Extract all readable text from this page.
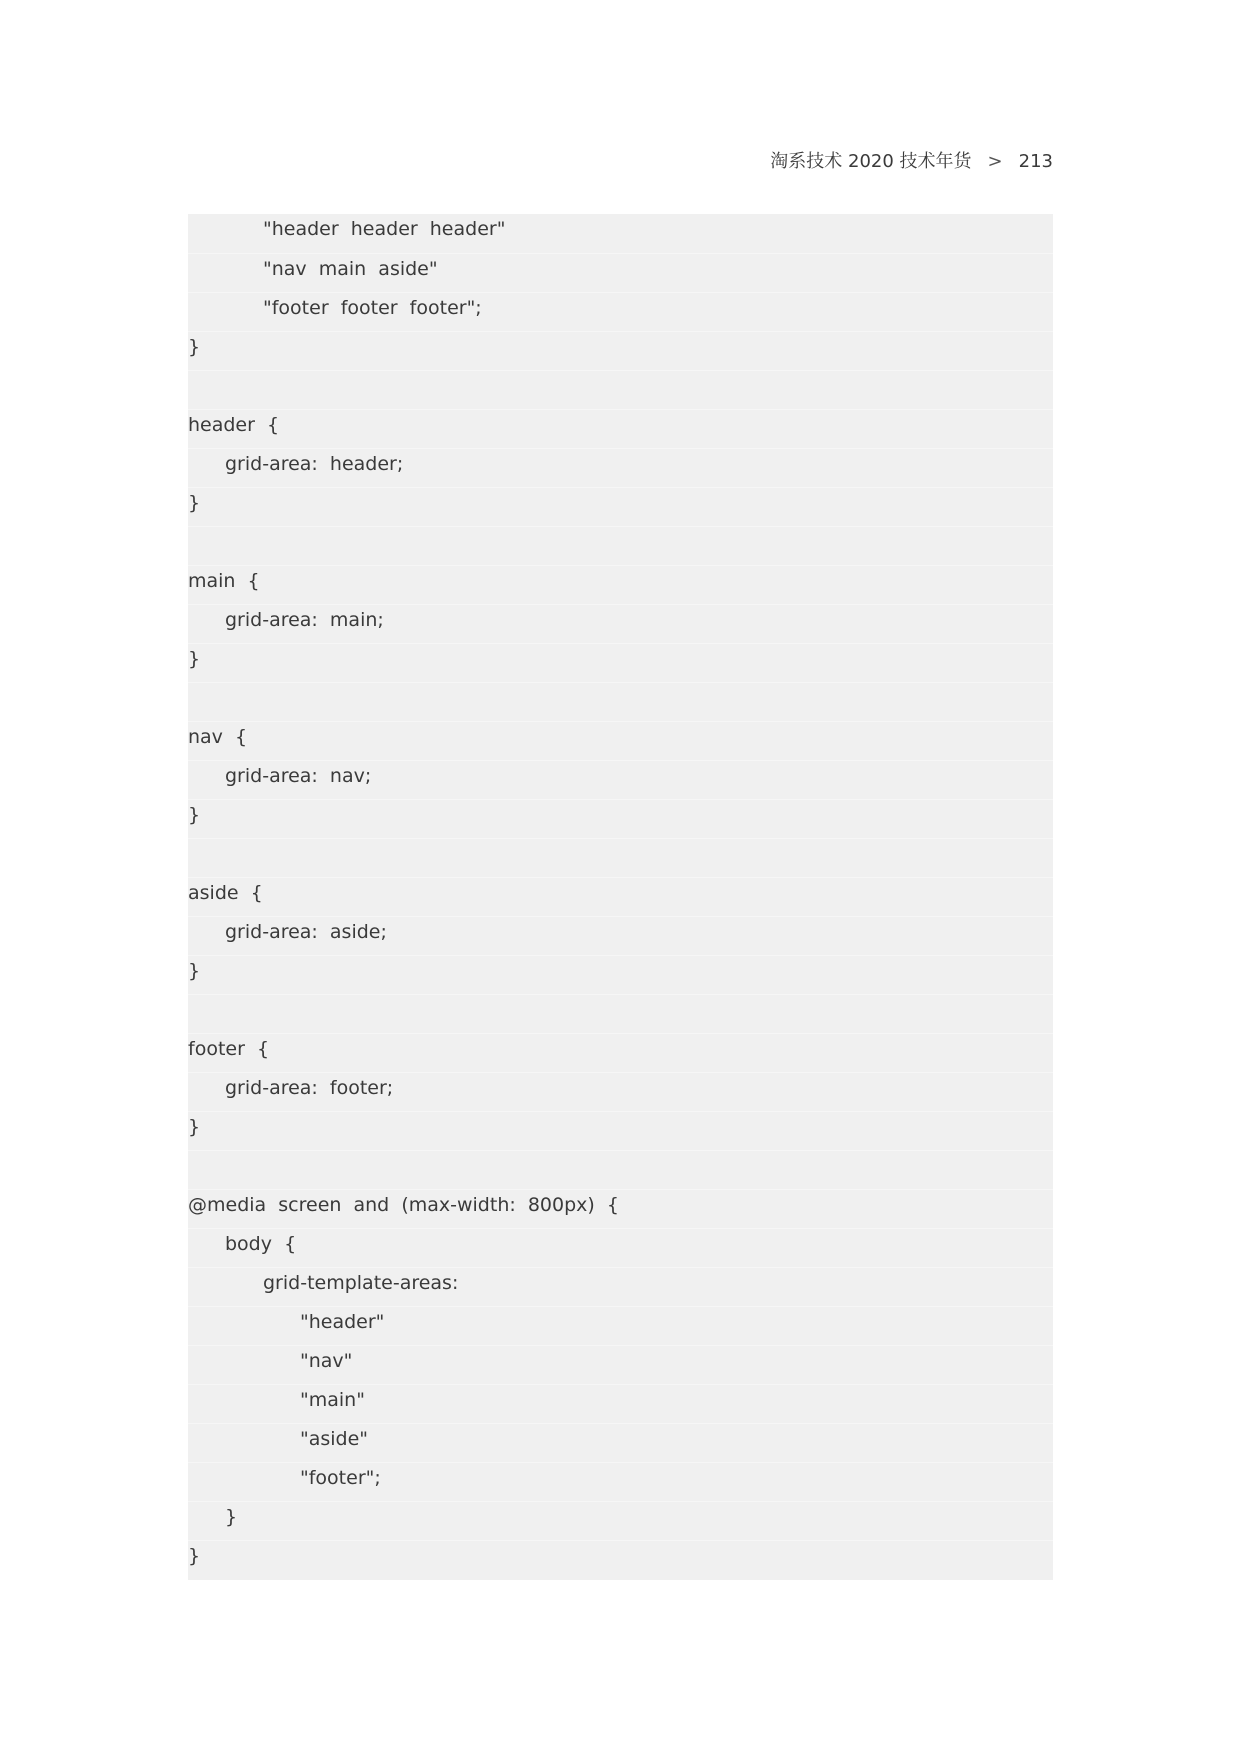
淘系技术 2020 技术年货 > 213
"header  header  header"
"nav  main  aside"
"footer  footer  footer";
}
header  {
grid-area:  header;
}
main  {
grid-area:  main;
}
nav  {
grid-area:  nav;
}
aside  {
grid-area:  aside;
}
footer  {
grid-area:  footer;
}
@media  screen  and  (max-width:  800px)  {
body  {
grid-template-areas:
"header"
"nav"
"main"
"aside"
"footer";
}
}
